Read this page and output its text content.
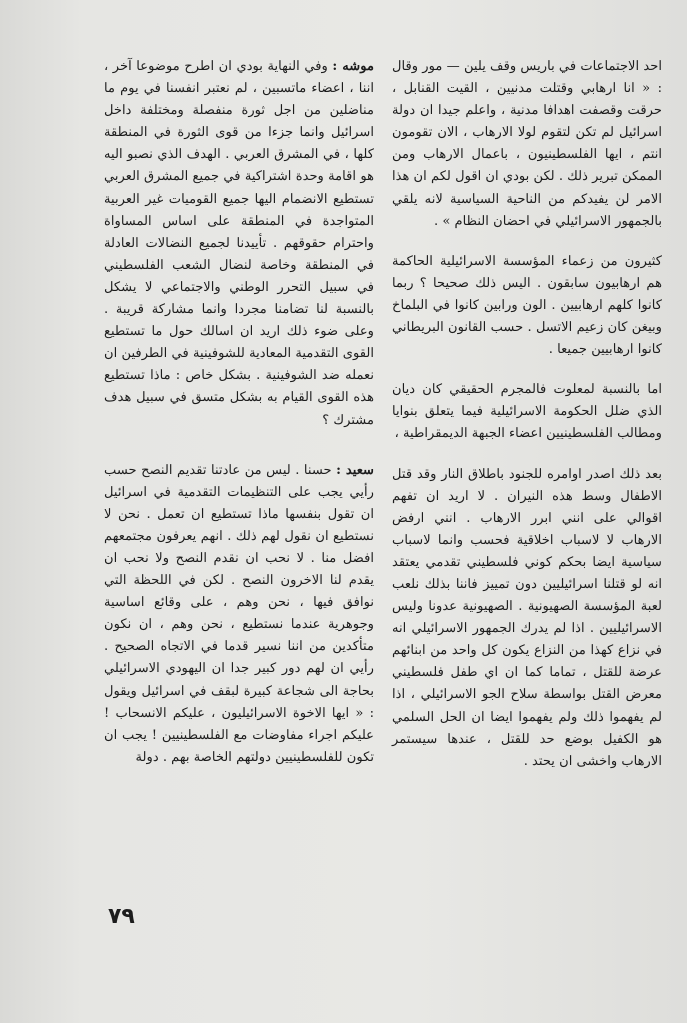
احد الاجتماعات في باريس وقف يلين — مور وقال : « انا ارهابي وقتلت مدنيين ، القيت القنابل ، حرقت وقصفت اهدافا مدنية ، واعلم جيدا ان دولة اسرائيل لم تكن لتقوم لولا الارهاب ، الان تقومون انتم ، ايها الفلسطينيون ، باعمال الارهاب ومن الممكن تبرير ذلك . لكن بودي ان اقول لكم ان هذا الامر لن يفيدكم من الناحية السياسية لانه يلقي بالجمهور الاسرائيلي في احضان النظام » .

كثيرون من زعماء المؤسسة الاسرائيلية الحاكمة هم ارهابيون سابقون . اليس ذلك صحيحا ؟ ربما كانوا كلهم ارهابيين . الون ورابين كانوا في البلماخ وبيغن كان زعيم الاتسل . حسب القانون البريطاني كانوا ارهابيين جميعا .

اما بالنسبة لمعلوت فالمجرم الحقيقي كان ديان الذي ضلل الحكومة الاسرائيلية فيما يتعلق بنوايا ومطالب الفلسطينيين اعضاء الجبهة الديمقراطية ،

بعد ذلك اصدر اوامره للجنود باطلاق النار وقد قتل الاطفال وسط هذه النيران . لا اريد ان تفهم اقوالي على انني ابرر الارهاب . انني ارفض الارهاب لا لاسباب اخلاقية فحسب وانما لاسباب سياسية ايضا بحكم كوني فلسطيني تقدمي يعتقد انه لو قتلنا اسرائيليين دون تمييز فاننا بذلك نلعب لعبة المؤسسة الصهيونية . الصهيونية عدونا وليس الاسرائيليين . اذا لم يدرك الجمهور الاسرائيلي انه في نزاع كهذا من النزاع يكون كل واحد من ابنائهم عرضة للقتل ، تماما كما ان اي طفل فلسطيني معرض القتل بواسطة سلاح الجو الاسرائيلي ، اذا لم يفهموا ذلك ولم يفهموا ايضا ان الحل السلمي هو الكفيل بوضع حد للقتل ، عندها سيستمر الارهاب واخشى ان يحتد .

موشه : وفي النهاية بودي ان اطرح موضوعا آخر ، اننا ، اعضاء ماتسبين ، لم نعتبر انفسنا في يوم ما مناضلين من اجل ثورة منفصلة ومختلفة داخل اسرائيل وانما جزءا من قوى الثورة في المنطقة كلها ، في المشرق العربي . الهدف الذي نصبو اليه هو اقامة وحدة اشتراكية في جميع المشرق العربي تستطيع الانضمام اليها جميع القوميات غير العربية المتواجدة في المنطقة على اساس المساواة واحترام حقوقهم . تأييدنا لجميع النضالات العادلة في المنطقة وخاصة لنضال الشعب الفلسطيني في سبيل التحرر الوطني والاجتماعي لا يشكل بالنسبة لنا تضامنا مجردا وانما مشاركة قريبة . وعلى ضوء ذلك اريد ان اسالك حول ما تستطيع القوى التقدمية المعادية للشوفينية في الطرفين ان نعمله ضد الشوفينية . بشكل خاص : ماذا تستطيع هذه القوى القيام به بشكل متسق في سبيل هدف مشترك ؟

سعيد : حسنا . ليس من عادتنا تقديم النصح حسب رأيي يجب على التنظيمات التقدمية في اسرائيل ان تقول بنفسها ماذا تستطيع ان تعمل . نحن لا نستطيع ان نقول لهم ذلك . انهم يعرفون مجتمعهم افضل منا . لا نحب ان نقدم النصح ولا نحب ان يقدم لنا الاخرون النصح . لكن في اللحظة التي نوافق فيها ، نحن وهم ، على وقائع اساسية وجوهرية عندما نستطيع ، نحن وهم ، ان نكون متأكدين من اننا نسير قدما في الاتجاه الصحيح . رأيي ان لهم دور كبير جدا ان اليهودي الاسرائيلي بحاجة الى شجاعة كبيرة لبقف في اسرائيل ويقول : « ايها الاخوة الاسرائيليون ، عليكم الانسحاب ! عليكم اجراء مفاوضات مع الفلسطينيين ! يجب ان تكون للفلسطينيين دولتهم الخاصة بهم . دولة

٧٩
